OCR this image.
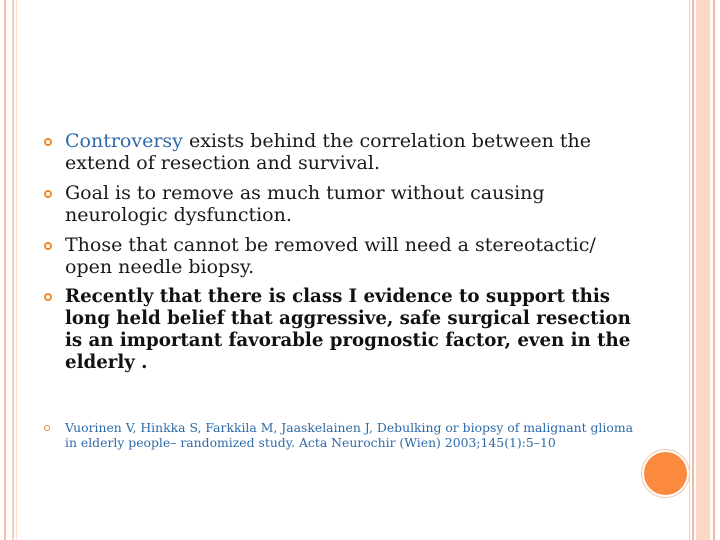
Controversy exists behind the correlation between the extend of resection and survival.
Goal is to remove as much tumor without causing neurologic dysfunction.
Those that cannot be removed will need a stereotactic/ open needle biopsy.
Recently that there is class I evidence to support this long held belief that aggressive, safe surgical resection is an important favorable prognostic factor, even in the elderly .
Vuorinen V, Hinkka S, Farkkila M, Jaaskelainen J, Debulking or biopsy of malignant glioma in elderly people– randomized study. Acta Neurochir (Wien) 2003;145(1):5–10
